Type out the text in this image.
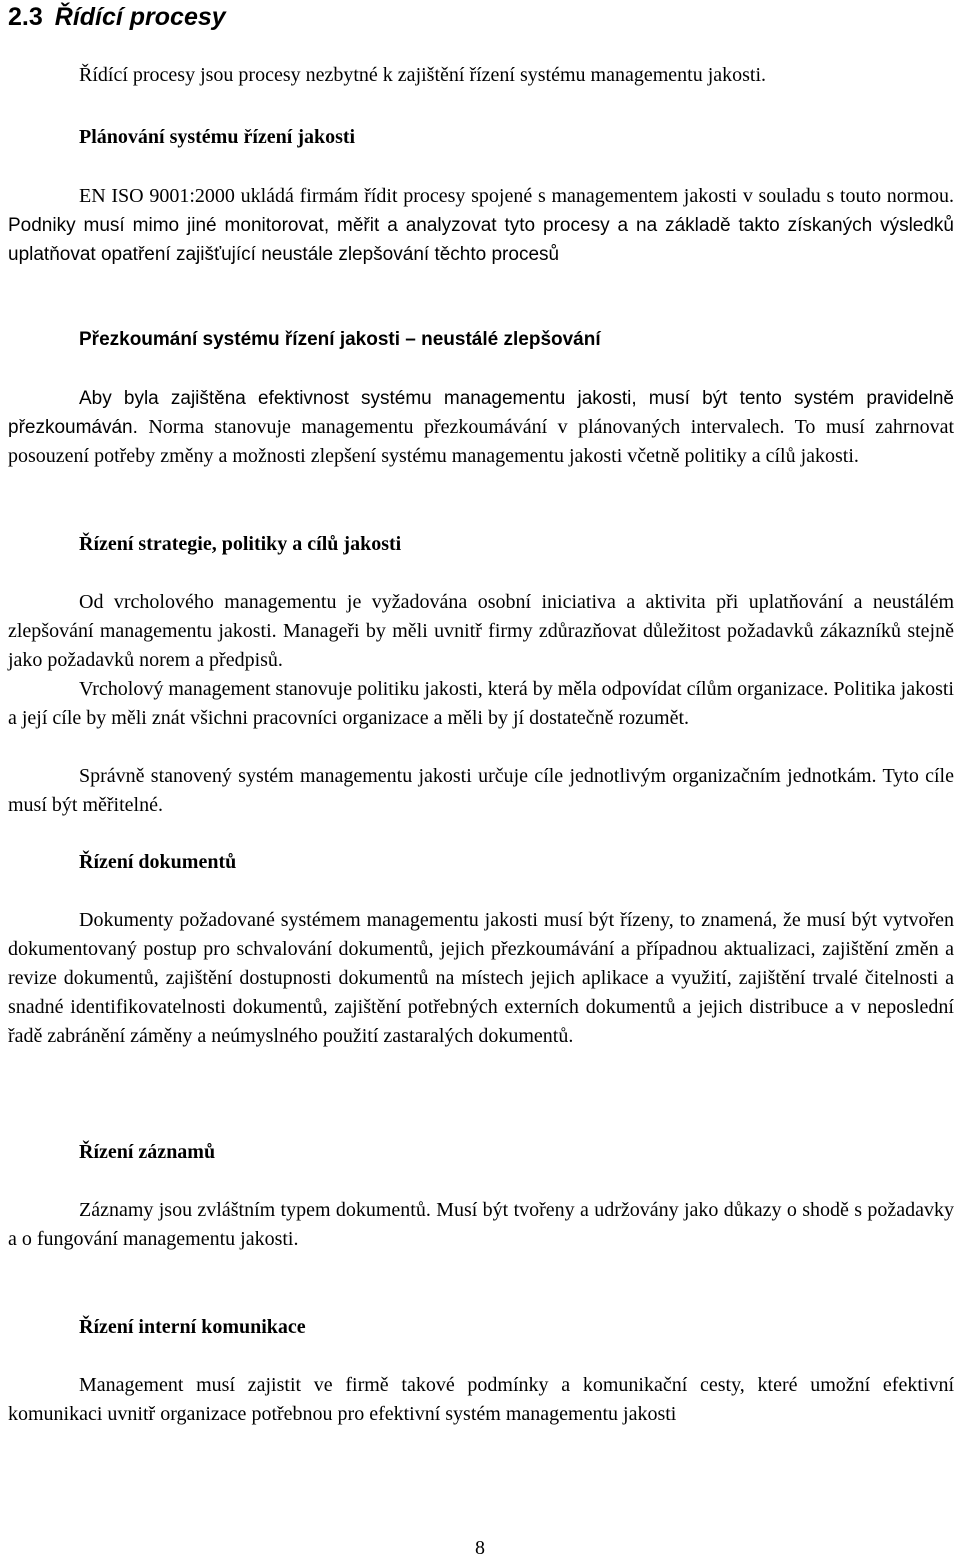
2.3 Řídící procesy
Řídící procesy jsou procesy nezbytné k zajištění řízení systému managementu jakosti.
Plánování systému řízení jakosti
EN ISO 9001:2000 ukládá firmám řídit procesy spojené s managementem jakosti v souladu s touto normou. Podniky musí mimo jiné monitorovat, měřit a analyzovat tyto procesy a na základě takto získaných výsledků uplatňovat opatření zajišťující neustále zlepšování těchto procesů
Přezkoumání systému řízení jakosti – neustálé zlepšování
Aby byla zajištěna efektivnost systému managementu jakosti, musí být tento systém pravidelně přezkoumáván. Norma stanovuje managementu přezkoumávání v plánovaných intervalech. To musí zahrnovat posouzení potřeby změny a možnosti zlepšení systému managementu jakosti včetně politiky a cílů jakosti.
Řízení strategie, politiky a cílů jakosti
Od vrcholového managementu je vyžadována osobní iniciativa a aktivita při uplatňování a neustálém zlepšování managementu jakosti. Manageři by měli uvnitř firmy zdůrazňovat důležitost požadavků zákazníků stejně jako požadavků norem a předpisů.
Vrcholový management stanovuje politiku jakosti, která by měla odpovídat cílům organizace. Politika jakosti a její cíle by měli znát všichni pracovníci organizace a měli by jí dostatečně rozumět.
Správně stanovený systém managementu jakosti určuje cíle jednotlivým organizačním jednotkám. Tyto cíle musí být měřitelné.
Řízení dokumentů
Dokumenty požadované systémem managementu jakosti musí být řízeny, to znamená, že musí být vytvořen dokumentovaný postup pro schvalování dokumentů, jejich přezkoumávání a případnou aktualizaci, zajištění změn a revize dokumentů, zajištění dostupnosti dokumentů na místech jejich aplikace a využití, zajištění trvalé čitelnosti a snadné identifikovatelnosti dokumentů, zajištění potřebných externích dokumentů a jejich distribuce a v neposlední řadě zabránění záměny a neúmyslného použití zastaralých dokumentů.
Řízení záznamů
Záznamy jsou zvláštním typem dokumentů. Musí být tvořeny a udržovány jako důkazy o shodě s požadavky a o fungování managementu jakosti.
Řízení interní komunikace
Management musí zajistit ve firmě takové podmínky a komunikační cesty, které umožní efektivní komunikaci uvnitř organizace potřebnou pro efektivní systém managementu jakosti
8
